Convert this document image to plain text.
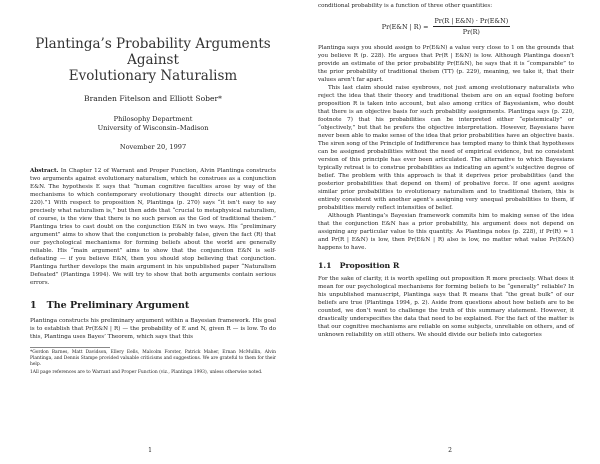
Plantinga’s Probability Arguments Against
Evolutionary Naturalism
Branden Fitelson and Elliott Sober*
Philosophy Department
University of Wisconsin–Madison
November 20, 1997

Abstract. In Chapter 12 of Warrant and Proper Function, Alvin Plantinga constructs two arguments against evolutionary naturalism, which he construes as a conjunction E&N. The hypothesis E says that “human cognitive faculties arose by way of the mechanisms to which contemporary evolutionary thought directs our attention (p. 220).”1 With respect to proposition N, Plantinga (p. 270) says “it isn’t easy to say precisely what naturalism is,” but then adds that “crucial to metaphysical naturalism, of course, is the view that there is no such person as the God of traditional theism.” Plantinga tries to cast doubt on the conjunction E&N in two ways. His “preliminary argument” aims to show that the conjunction is probably false, given the fact (R) that our psychological mechanisms for forming beliefs about the world are generally reliable. His “main argument” aims to show that the conjunction E&N is self-defeating — if you believe E&N, then you should stop believing that conjunction. Plantinga further develops the main argument in his unpublished paper “Naturalism Defeated” (Plantinga 1994). We will try to show that both arguments contain serious errors.

1 The Preliminary Argument

Plantinga constructs his preliminary argument within a Bayesian framework. His goal is to establish that Pr(E&N | R) — the probability of E and N, given R — is low. To do this, Plantinga uses Bayes’ Theorem, which says that this

*Gordon Barnes, Matt Davidson, Ellery Eells, Malcolm Forster, Patrick Maher, Ernan McMullin, Alvin Plantinga, and Dennis Stampe provided valuable criticisms and suggestions. We are grateful to them for their help.
1All page references are to Warrant and Proper Function (viz., Plantinga 1993), unless otherwise noted.
1

conditional probability is a function of three other quantities:

Pr(E&N | $R) = \frac{Pr(R | E\&N) \cdot Pr(E\&N)}{Pr(R)}$

Plantinga says you should assign to Pr(E&N) a value very close to 1 on the grounds that you believe R (p. 228). He argues that Pr(R | E&N) is low. Although Plantinga doesn’t provide an estimate of the prior probability Pr(E&N), he says that it is “comparable” to the prior probability of traditional theism (TT) (p. 229), meaning, we take it, that their values aren’t far apart.

This last claim should raise eyebrows, not just among evolutionary naturalists who reject the idea that their theory and traditional theism are on an equal footing before proposition R is taken into account, but also among critics of Bayesianism, who doubt that there is an objective basis for such probability assignments. Plantinga says (p. 220, footnote 7) that his probabilities can be interpreted either “epistemically” or “objectively,” but that he prefers the objective interpretation. However, Bayesians have never been able to make sense of the idea that prior probabilities have an objective basis. The siren song of the Principle of Indifference has tempted many to think that hypotheses can be assigned probabilities without the need of empirical evidence, but no consistent version of this principle has ever been articulated. The alternative to which Bayesians typically retreat is to construe probabilities as indicating an agent’s subjective degree of belief. The problem with this approach is that it deprives prior probabilities (and the posterior probabilities that depend on them) of probative force. If one agent assigns similar prior probabilities to evolutionary naturalism and to traditional theism, this is entirely consistent with another agent’s assigning very unequal probabilities to them, if probabilities merely reflect intensities of belief.

Although Plantinga’s Bayesian framework commits him to making sense of the idea that the conjunction E&N has a prior probability, his argument does not depend on assigning any particular value to this quantity. As Plantinga notes (p. 228), if Pr(R) ≈ 1 and Pr(R | E&N) is low, then Pr(E&N | R) also is low, no matter what value Pr(E&N) happens to have.

1.1 Proposition R

For the sake of clarity, it is worth spelling out proposition R more precisely. What does it mean for our psychological mechanisms for forming beliefs to be “generally” reliable? In his unpublished manuscript, Plantinga says that R means that “the great bulk” of our beliefs are true (Plantinga 1994, p. 2). Aside from questions about how beliefs are to be counted, we don’t want to challenge the truth of this summary statement. However, it drastically underspecifies the data that need to be explained. For the fact of the matter is that our cognitive mechanisms are reliable on some subjects, unreliable on others, and of unknown reliability on still others. We should divide our beliefs into categories

2
